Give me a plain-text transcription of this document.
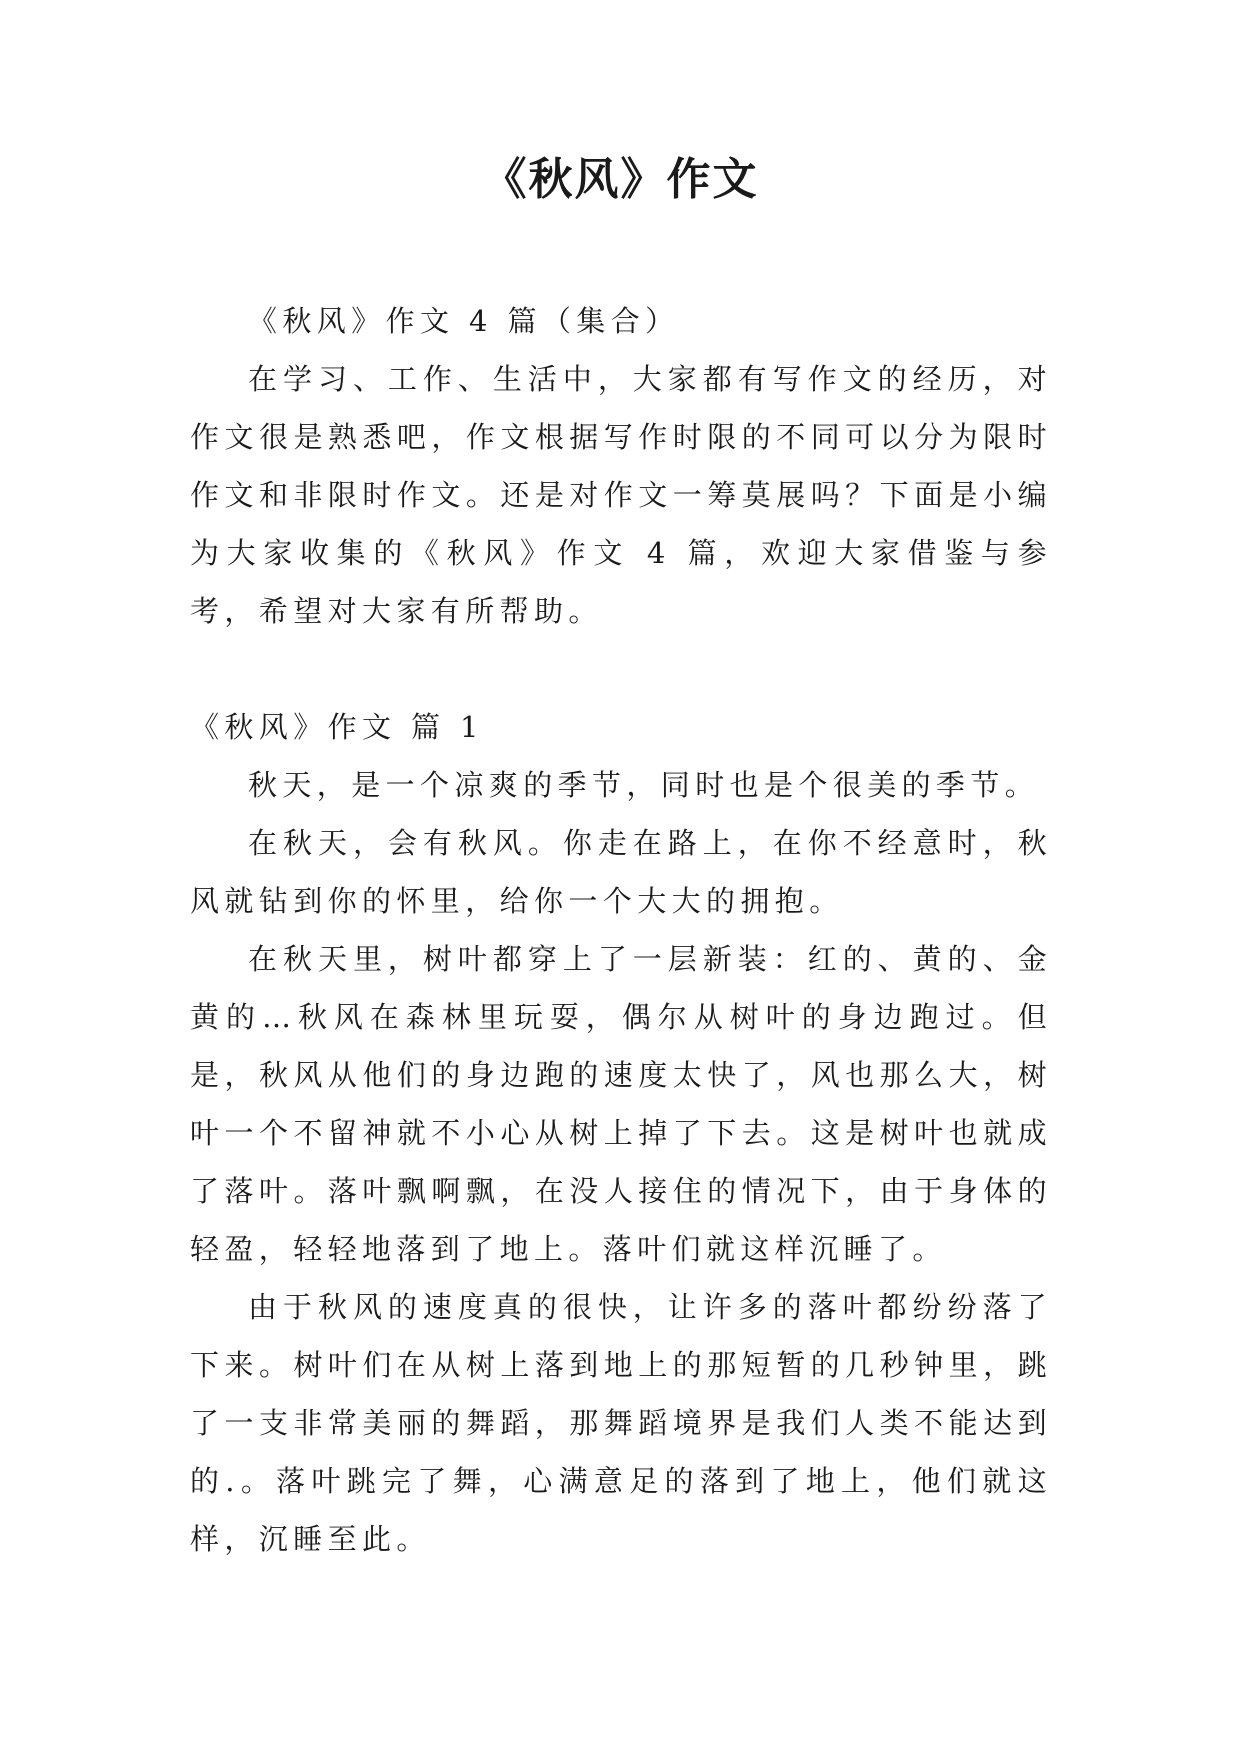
《秋风》作文

《秋风》作文 4 篇（集合）

在学习、工作、生活中，大家都有写作文的经历，对作文很是熟悉吧，作文根据写作时限的不同可以分为限时作文和非限时作文。还是对作文一筹莫展吗？下面是小编为大家收集的《秋风》作文 4 篇，欢迎大家借鉴与参考，希望对大家有所帮助。

《秋风》作文 篇 1

秋天，是一个凉爽的季节，同时也是个很美的季节。

在秋天，会有秋风。你走在路上，在你不经意时，秋风就钻到你的怀里，给你一个大大的拥抱。

在秋天里，树叶都穿上了一层新装：红的、黄的、金黄的…秋风在森林里玩耍，偶尔从树叶的身边跑过。但是，秋风从他们的身边跑的速度太快了，风也那么大，树叶一个不留神就不小心从树上掉了下去。这是树叶也就成了落叶。落叶飘啊飘，在没人接住的情况下，由于身体的轻盈，轻轻地落到了地上。落叶们就这样沉睡了。

由于秋风的速度真的很快，让许多的落叶都纷纷落了下来。树叶们在从树上落到地上的那短暂的几秒钟里，跳了一支非常美丽的舞蹈，那舞蹈境界是我们人类不能达到的.。落叶跳完了舞，心满意足的落到了地上，他们就这样，沉睡至此。
